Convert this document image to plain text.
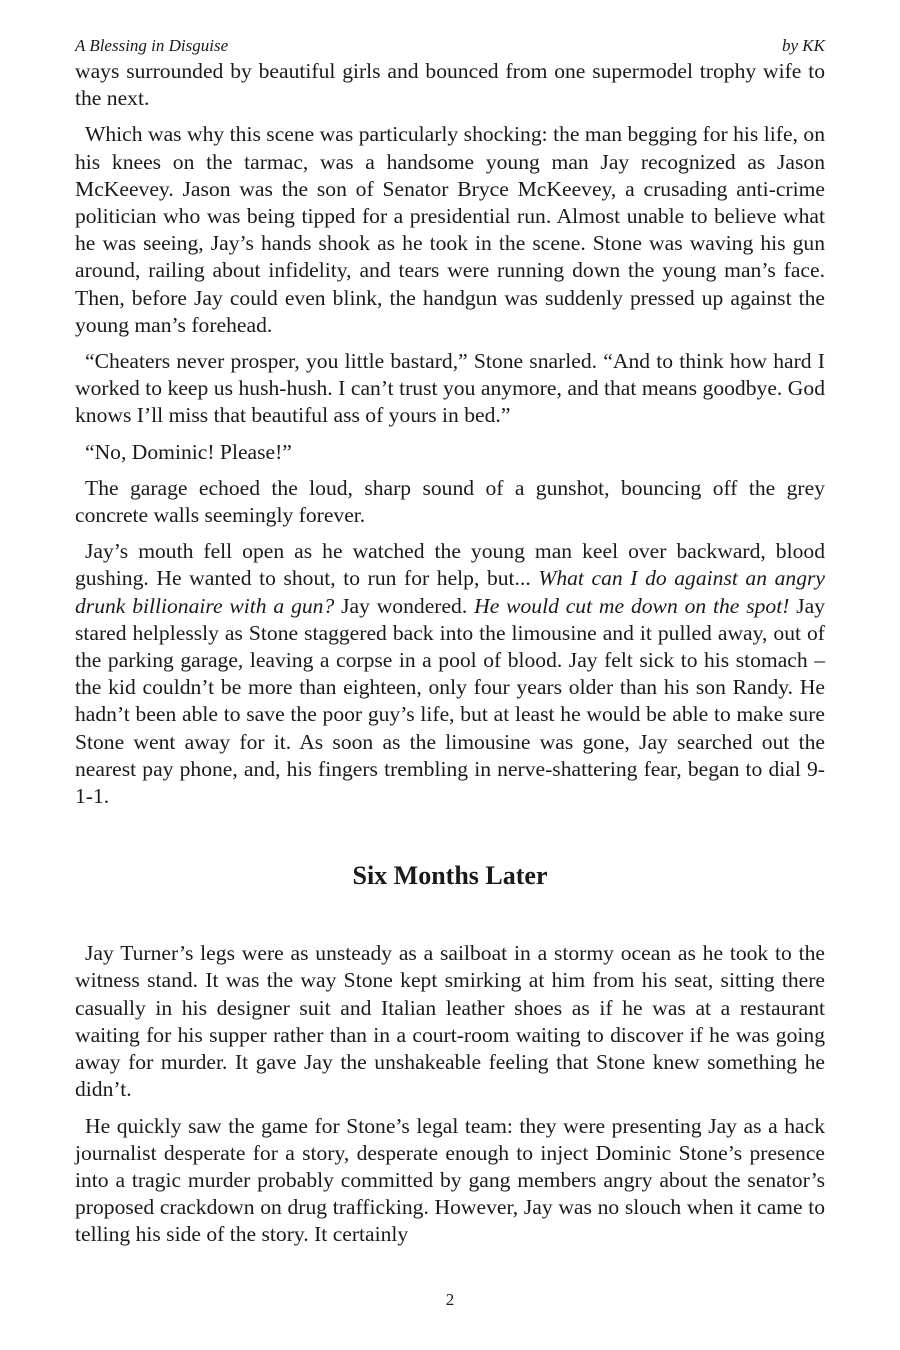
A Blessing in Disguise	by KK

ways surrounded by beautiful girls and bounced from one supermodel trophy wife to the next.

Which was why this scene was particularly shocking: the man begging for his life, on his knees on the tarmac, was a handsome young man Jay recognized as Jason McKeevey. Jason was the son of Senator Bryce McKeevey, a crusading anti-crime politician who was being tipped for a presidential run. Almost unable to believe what he was seeing, Jay’s hands shook as he took in the scene. Stone was waving his gun around, railing about infidelity, and tears were running down the young man’s face. Then, before Jay could even blink, the handgun was suddenly pressed up against the young man’s forehead.

“Cheaters never prosper, you little bastard,” Stone snarled. “And to think how hard I worked to keep us hush-hush. I can’t trust you anymore, and that means goodbye. God knows I’ll miss that beautiful ass of yours in bed.”

“No, Dominic! Please!”

The garage echoed the loud, sharp sound of a gunshot, bouncing off the grey concrete walls seemingly forever.

Jay’s mouth fell open as he watched the young man keel over backward, blood gushing. He wanted to shout, to run for help, but... What can I do against an angry drunk billionaire with a gun? Jay wondered. He would cut me down on the spot! Jay stared helplessly as Stone staggered back into the limousine and it pulled away, out of the parking garage, leaving a corpse in a pool of blood. Jay felt sick to his stomach – the kid couldn’t be more than eighteen, only four years older than his son Randy. He hadn’t been able to save the poor guy’s life, but at least he would be able to make sure Stone went away for it. As soon as the limousine was gone, Jay searched out the nearest pay phone, and, his fingers trembling in nerve-shattering fear, began to dial 9-1-1.

Six Months Later

Jay Turner’s legs were as unsteady as a sailboat in a stormy ocean as he took to the witness stand. It was the way Stone kept smirking at him from his seat, sitting there casually in his designer suit and Italian leather shoes as if he was at a restaurant waiting for his supper rather than in a court-room waiting to discover if he was going away for murder. It gave Jay the unshakeable feeling that Stone knew something he didn’t.

He quickly saw the game for Stone’s legal team: they were presenting Jay as a hack journalist desperate for a story, desperate enough to inject Dominic Stone’s presence into a tragic murder probably committed by gang members angry about the senator’s proposed crackdown on drug trafficking. However, Jay was no slouch when it came to telling his side of the story. It certainly

2
